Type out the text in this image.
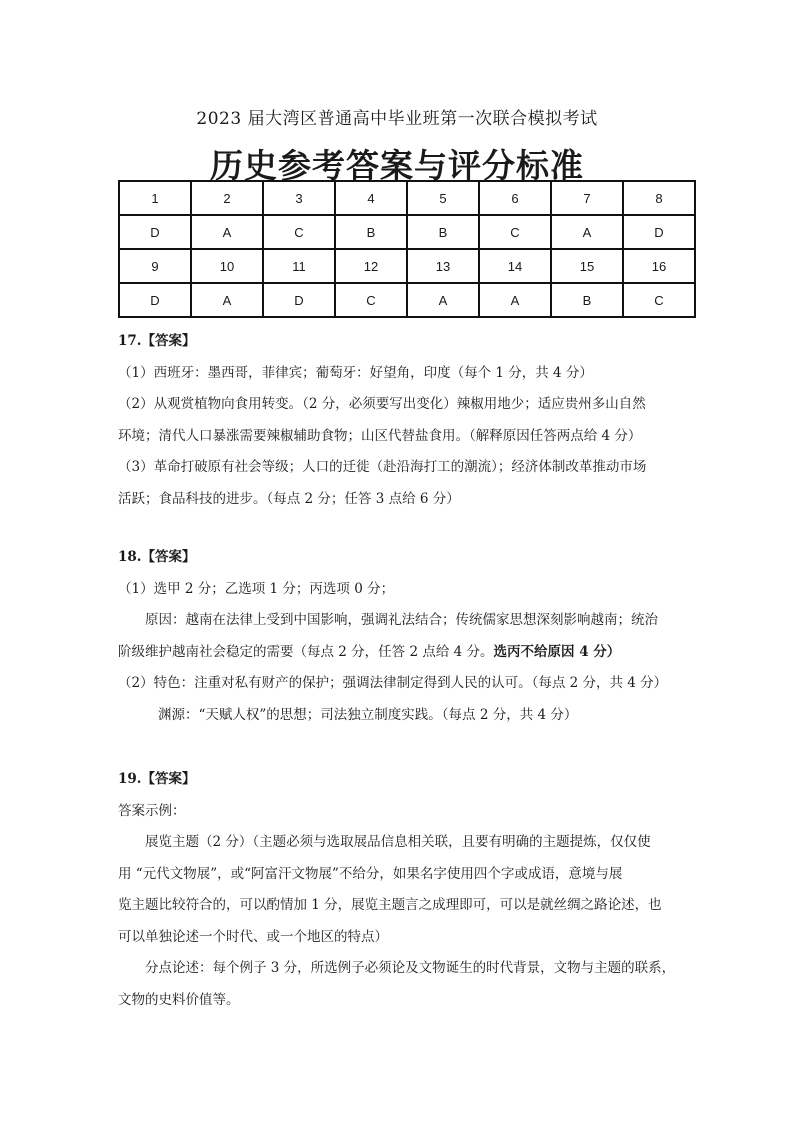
2023 届大湾区普通高中毕业班第一次联合模拟考试
历史参考答案与评分标准
1	2	3	4	5	6	7	8
D	A	C	B	B	C	A	D
9	10	11	12	13	14	15	16
D	A	D	C	A	A	B	C
17.【答案】
（1）西班牙：墨西哥，菲律宾；葡萄牙：好望角，印度（每个 1 分，共 4 分）
（2）从观赏植物向食用转变。（2 分，必须要写出变化）辣椒用地少；适应贵州多山自然
环境；清代人口暴涨需要辣椒辅助食物；山区代替盐食用。（解释原因任答两点给 4 分）
（3）革命打破原有社会等级；人口的迁徙（赴沿海打工的潮流）；经济体制改革推动市场
活跃；食品科技的进步。（每点 2 分；任答 3 点给 6 分）
18.【答案】
（1）选甲 2 分；乙选项 1 分；丙选项 0 分；
原因：越南在法律上受到中国影响，强调礼法结合；传统儒家思想深刻影响越南；统治
阶级维护越南社会稳定的需要（每点 2 分，任答 2 点给 4 分。选丙不给原因 4 分）
（2）特色：注重对私有财产的保护；强调法律制定得到人民的认可。（每点 2 分，共 4 分）
渊源：“天赋人权”的思想；司法独立制度实践。（每点 2 分，共 4 分）
19.【答案】
答案示例：
展览主题（2 分）（主题必须与选取展品信息相关联，且要有明确的主题提炼，仅仅使
用 “元代文物展”，或“阿富汗文物展”不给分，如果名字使用四个字或成语，意境与展
览主题比较符合的，可以酌情加 1 分，展览主题言之成理即可，可以是就丝绸之路论述，也
可以单独论述一个时代、或一个地区的特点）
分点论述：每个例子 3 分，所选例子必须论及文物诞生的时代背景，文物与主题的联系，
文物的史料价值等。
